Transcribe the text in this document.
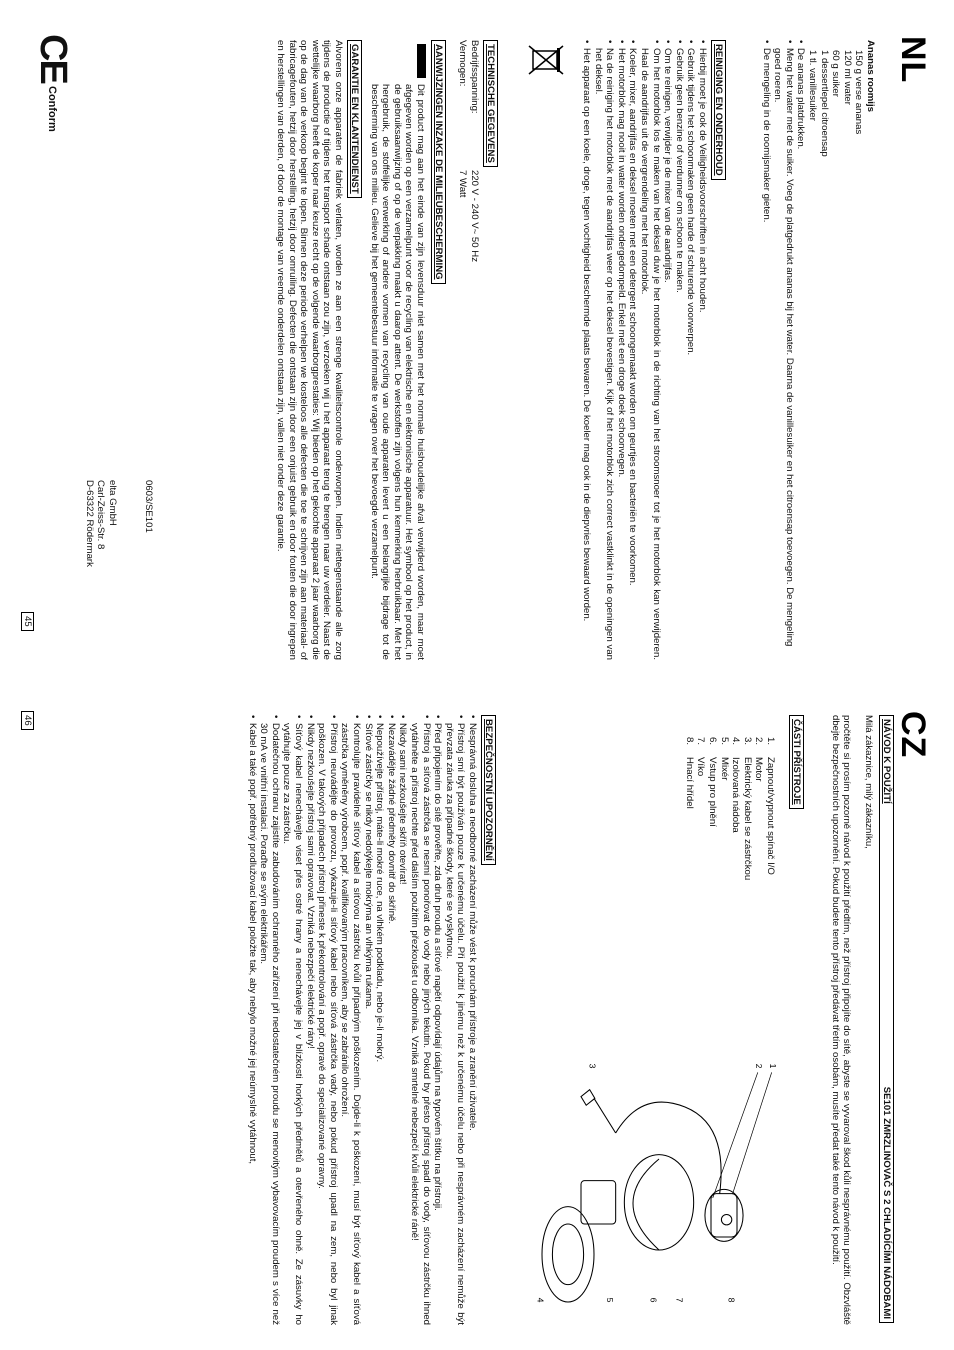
NL
Ananas roomijs
150 g verse ananas
120 ml water
60 g suiker
1 dessertlepel citroensap
1 tl. vanillesuiker
• De ananas platdrukken.
• Meng het water met de suiker. Voeg de platgedrukt ananas bij het water. Daarna de vanillesuiker en het citroensap toevoegen. De mengeling goed roeren.
• De mengeling in de roomijsmaker gieten.
REINIGING EN ONDERHOUD
• Hierbij moet je ook de Veiligheidsvoorschriften in acht houden.
• Gebruik tijdens het schoonmaken geen harde of schurende voorwerpen.
• Gebruik geen benzine of verdunner om schoon te maken.
• Om te reinigen, verwijder je de mixer van de aandrijfas.
• Om het motorblok los te maken van het deksel duw je het motorblok in de richting van het stroomsnoer tot je het motorblok kan verwijderen. Haal de aandrijfas uit de vergrendeling met het motorblok.
• Koeler, mixer, aandrijfas en deksel moeten met een detergent schoongemaakt worden om geurtjes en bacteriën te voorkomen.
• Het motorblok mag nooit in water worden ondergedompeld. Enkel met een droge doek schoonvegen.
• Na de reiniging het motorblok met de aandrijfas weer op het deksel bevestigen. Kijk of het motorblok zich correct vastklinkt in de openingen van het deksel.
• Het apparaat op een koele, droge, tegen vochtigheid beschermde plaats bewaren. De koeler mag ook in de diepvries bewaard worden.
TECHNISCHE GEGEVENS
Bedrijfsspanning:
220 V - 240 V~ 50 Hz
Vermogen:
7 Watt
AANWIJZINGEN INZAKE DE MILIEUBESCHERMING
Dit product mag aan het einde van zijn levensduur niet samen met het normale huishoudelijke afval verwijderd worden, maar moet afgegeven worden op een verzamelpunt voor de recycling van elektrische en elektronische apparatuur. Het symbool op het product, in de gebruiksaanwijzing of op de verpakking maakt u daarop attent. De werkstoffen zijn volgens hun kenmerking herbruikbaar. Met het hergebruik, de stoffelijke verwerking of andere vormen van recycling van oude apparaten levert u een belangrijke bijdrage tot de bescherming van ons milieu. Gelieve bij het gemeentebestuur informatie te vragen over het bevoegde verzamelpunt.
GARANTIE EN KLANTENDIENST
Alvorens onze apparaten de fabriek verlaten, worden ze aan een strenge kwaliteitscontrole onderworpen. Indien niettegenstaande alle zorg tijdens de productie of tijdens het transport schade ontstaan zou zijn, verzoeken wij u het apparaat terug te brengen naar uw verdeler. Naast de wettelijke waarborg heeft de koper naar keuze recht op de volgende waarborgprestaties: Wij bieden op het gekochte apparaat 2 jaar waarborg die op de dag van de verkoop begint te lopen. Binnen deze periode verhelpen we kosteloos alle defecten die toe te schrijven zijn aan materiaal- of fabricagefouten, hetzij door herstelling, hetzij door omruiling. Defecten die ontstaan zijn door een onjuist gebruik en door fouten die door ingrepen en herstellingen van derden, of door de montage van vreemde onderdelen ontstaan zijn, vallen niet onder deze garantie.
0603/SE101
elta GmbH
Carl-Zeiss-Str. 8
D-63322 Rödermark
45
CE
Conform
CZ
NÁVOD K POUŽITÍ
SE101 ZMRZLINOVAČ S 2 CHLADÍCÍMI NÁDOBAMI
Milá zákaznice, milý zákazníku,
pročtěte si prosím pozorně návod k použití předtím, než přístroj připojíte do sítě, abyste se vyvaroval škod kůli nesprávnému použití. Obzvláště dbejte bezpečnostních upozornění. Pokud budete tento přístroj předávat třetím osobám, musíte předat také tento návod k použití.
ČÁSTI PŘÍSTROJE
1.
Zapnout/vypnout spínač I/O
2.
Motor
3.
Elektrický kabel se zástrčkou
4.
Izolovaná nádoba
5.
Mixér
6.
Vstup pro plnění
7.
Víko
8.
Hnací hřídel
1
2
3
4	5	6 7	8
BEZPEČNOSTNÍ UPOZORNĚNÍ
• Nesprávná obsluha a neodborné zacházení může vést k poruchám přístroje a zranění uživatele.
• Přístroj smí být používán pouze k určenému účelu. Při použití k jinému než k určenému účelu nebo při nesprávném zacházení nemůže být převzata záruka za případné škody, které se vyskytnou.
• Před připojením do sítě prověřte, zda druh proudu a síťové napětí odpovídají údajům na typovém štítku na přístroji.
• Přístroj a síťová zástrčka se nesmí ponořovat do vody nebo jiných tekutin. Pokud by přesto přístroj spadl do vody, síťovou zástrčku ihned vytáhněte a přístroj nechte před dalším použitím přezkoušet u odborníka. Vzniká smrtelné nebezpečí kvůli elektrické ráně!
• Nikdy sami nezkoušejte skříň otevírat!
• Nezavádějte žádné předměty dovnitř do skříně.
• Nepoužívejte přístroj, máte-li mokré ruce, na vlhkém podkladu, nebo je-li mokrý.
• Síťové zástrčky se nikdy nedotýkejte mokrýma an vlhkýma rukama.
• Kontrolujte pravidelně síťový kabel a síťovou zástrčku kvůli případným poškozením. Dojde-li k poškození, musí být síťový kabel a síťová zástrčka vyměněny výrobcem, popř. kvalifikovaným pracovníkem, aby se zabránilo ohrožení.
• Přístroj neuvádějte do provozu, vykazuje-li síťový kabel nebo síťová zástrčka vady, nebo pokud přístroj upadl na zem, nebo byl jinak poškozen. V takových případech přístroj přineste k překontrolování a popř. opravě do specializované opravny.
• Nikdy nezkoušejte přístroj sami opravovat. Vzniká nebezpečí elektrické rány!
• Síťový kabel nenechávejte viset přes ostré hrany a nenechávejte jej v blízkosti horkých předmětů a otevřeného ohně. Ze zásuvky ho vytáhujte pouze za zástrčku.
• Dodatečnou ochranu zajistíte zabudováním ochranného zařízení při nedostatečném proudu se menovitým vybavovacím proudem s více než 30 mA ve vnitřní instalaci. Poraďte se svým elektrikářem.
• Kabel a také popř. potřebný prodlužovací kabel položte tak, aby nebylo možné jej neúmyslně vytáhnout,
46
